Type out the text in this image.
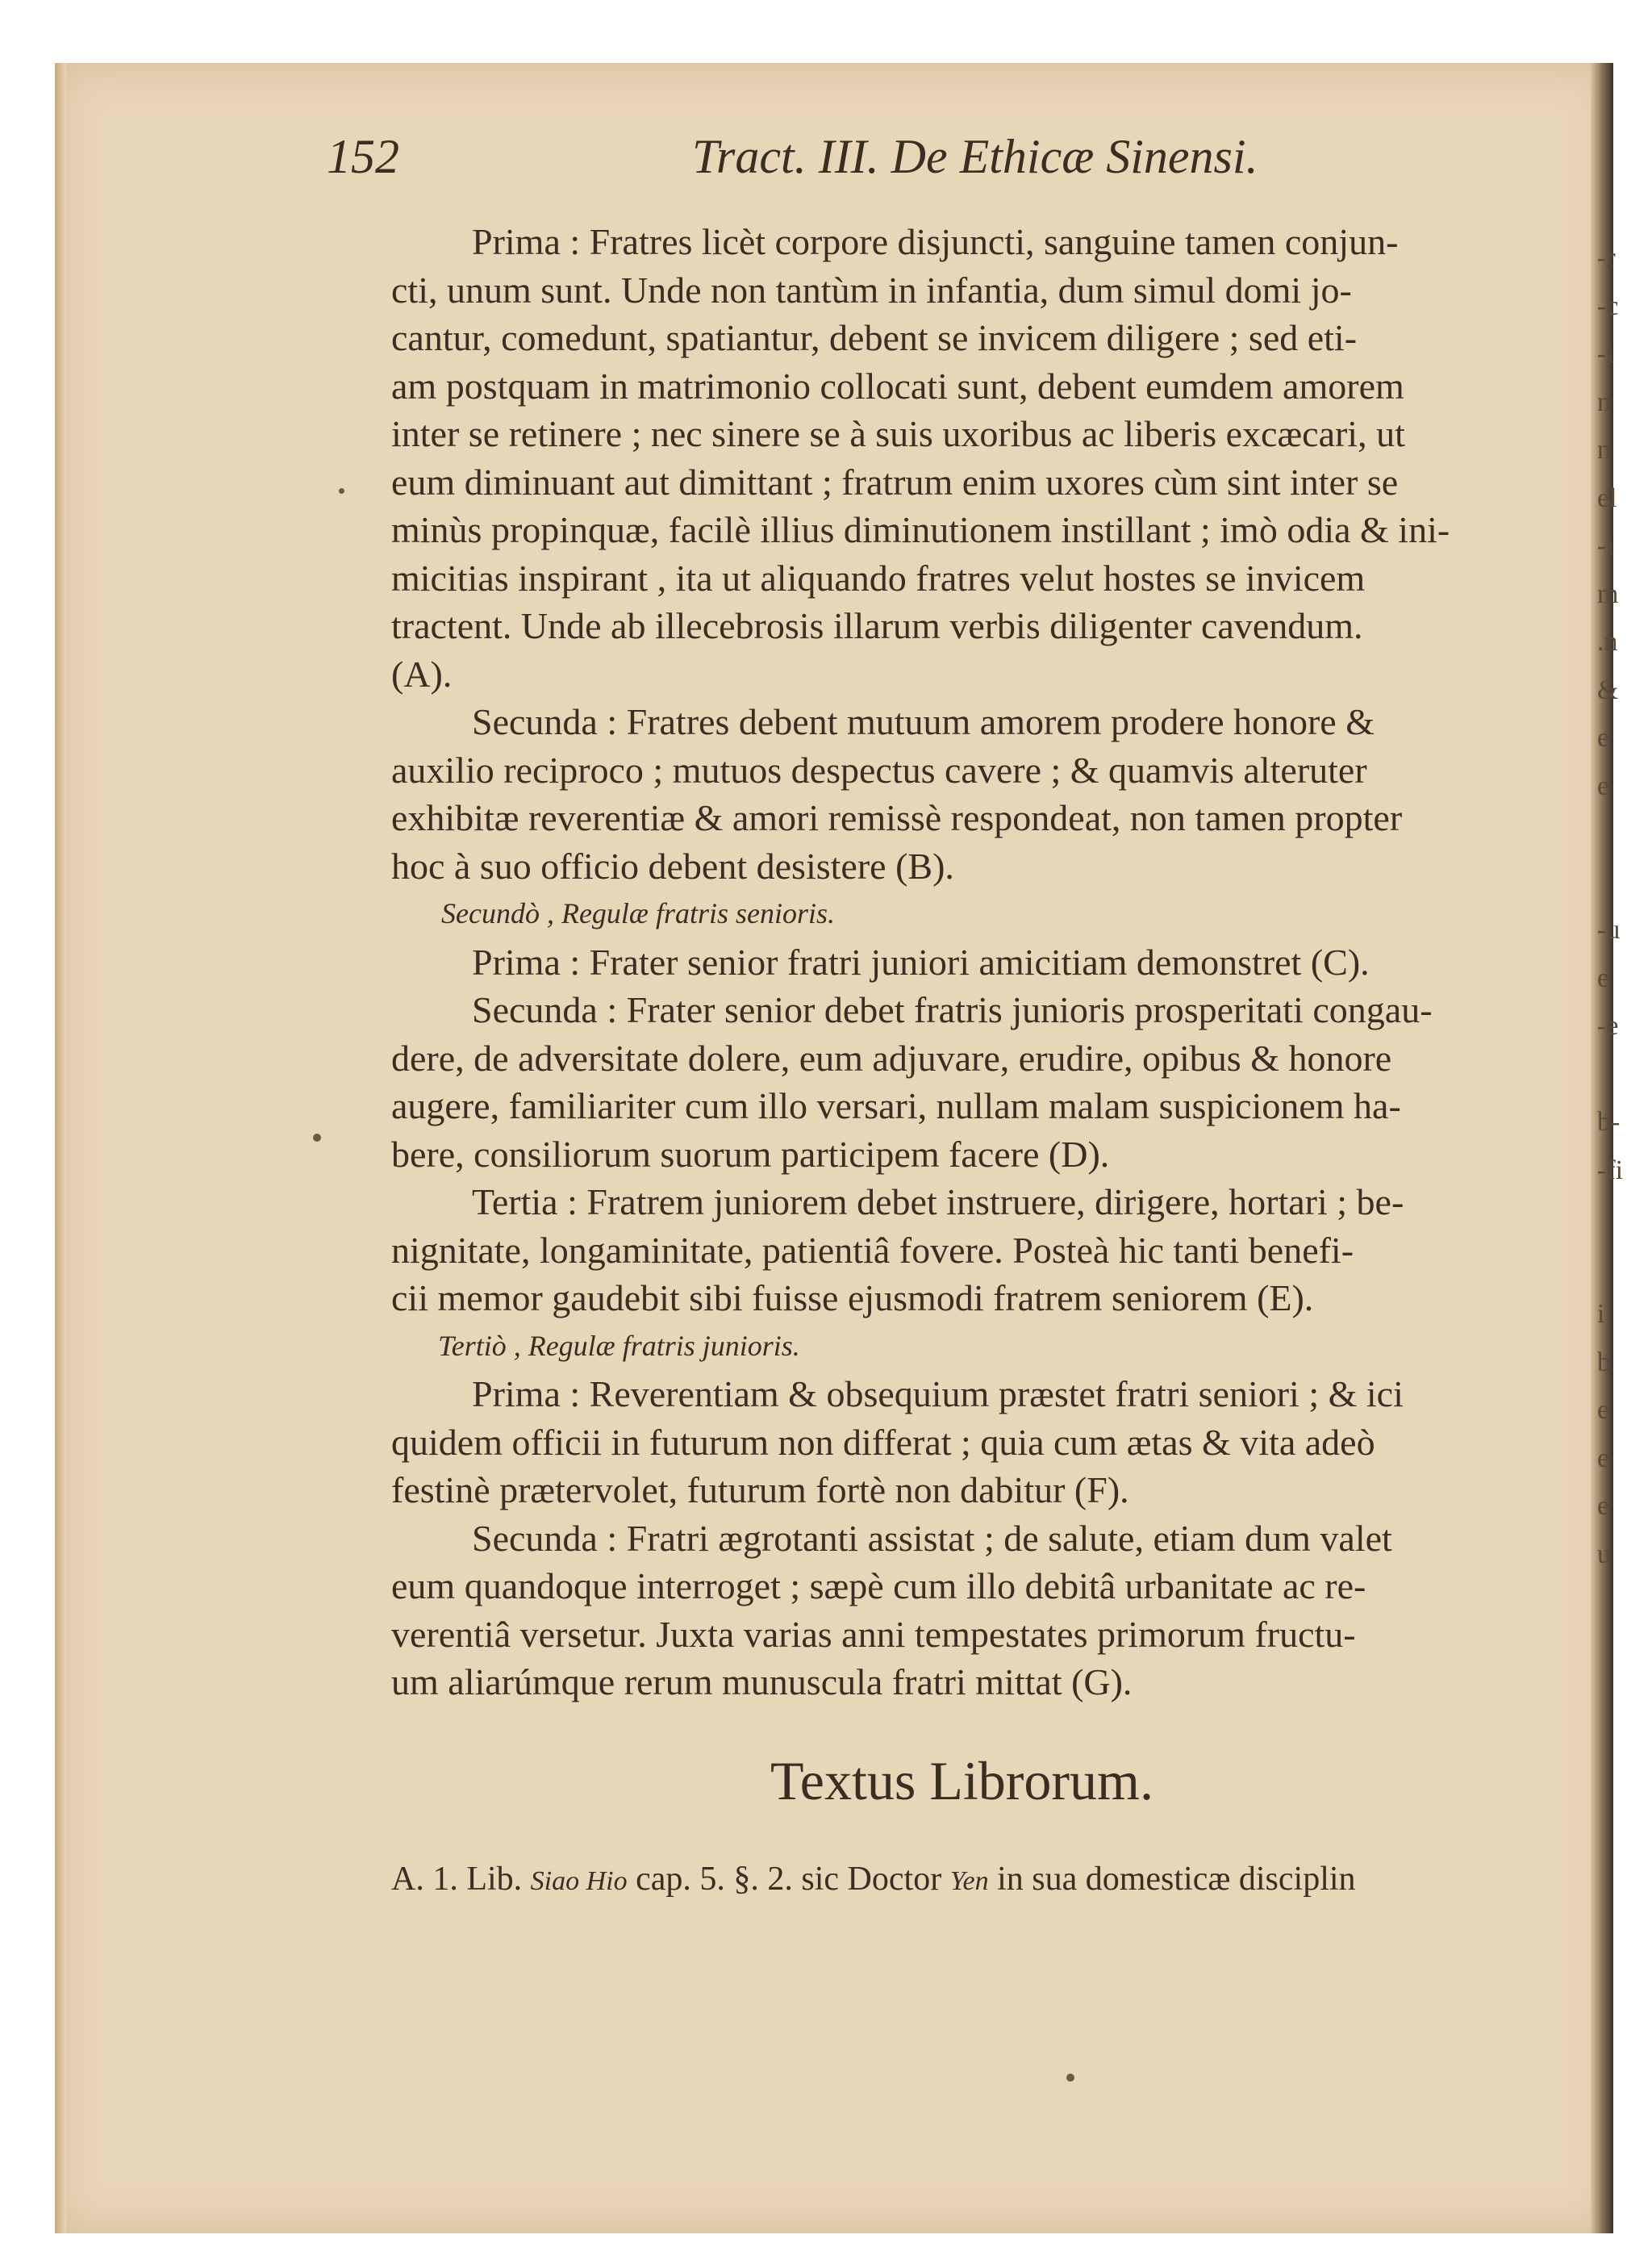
152	Tract. III. De Ethicæ Sinensi.

Prima : Fratres licèt corpore disjuncti, sanguine tamen conjun-
cti, unum sunt. Unde non tantùm in infantia, dum simul domi jo-
cantur, comedunt, spatiantur, debent se invicem diligere ; sed eti-
am postquam in matrimonio collocati sunt, debent eumdem amorem
inter se retinere ; nec sinere se à suis uxoribus ac liberis excæcari, ut
eum diminuant aut dimittant ; fratrum enim uxores cùm sint inter se
minùs propinquæ, facilè illius diminutionem instillant ; imò odia & ini-
micitias inspirant , ita ut aliquando fratres velut hostes se invicem
tractent. Unde ab illecebrosis illarum verbis diligenter cavendum.
(A).

Secunda : Fratres debent mutuum amorem prodere honore &
auxilio reciproco ; mutuos despectus cavere ; & quamvis alteruter
exhibitæ reverentiæ & amori remissè respondeat, non tamen propter
hoc à suo officio debent desistere (B).

Secundò , Regulæ fratris senioris.

Prima : Frater senior fratri juniori amicitiam demonstret (C).

Secunda : Frater senior debet fratris junioris prosperitati congau-
dere, de adversitate dolere, eum adjuvare, erudire, opibus & honore
augere, familiariter cum illo versari, nullam malam suspicionem ha-
bere, consiliorum suorum participem facere (D).

Tertia : Fratrem juniorem debet instruere, dirigere, hortari ; be-
nignitate, longaminitate, patientiâ fovere. Posteà hic tanti benefi-
cii memor gaudebit sibi fuisse ejusmodi fratrem seniorem (E).

Tertiò , Regulæ fratris junioris.

Prima : Reverentiam & obsequium præstet fratri seniori ; & ici
quidem officii in futurum non differat ; quia cum ætas & vita adeò
festinè prætervolet, futurum fortè non dabitur (F).

Secunda : Fratri ægrotanti assistat ; de salute, etiam dum valet
eum quandoque interroget ; sæpè cum illo debitâ urbanitate ac re-
verentiâ versetur. Juxta varias anni tempestates primorum fructu-
um aliarúmque rerum munuscula fratri mittat (G).

Textus Librorum.
A. 1. Lib. Siao Hio cap. 5. §. 2. sic Doctor Yen in sua domesticæ disciplin
-r
-c
-i
n
n
el
-i
m
.n
&
e
e

-u
e
-e

b-
-fi

i
b
e
e
e
u
